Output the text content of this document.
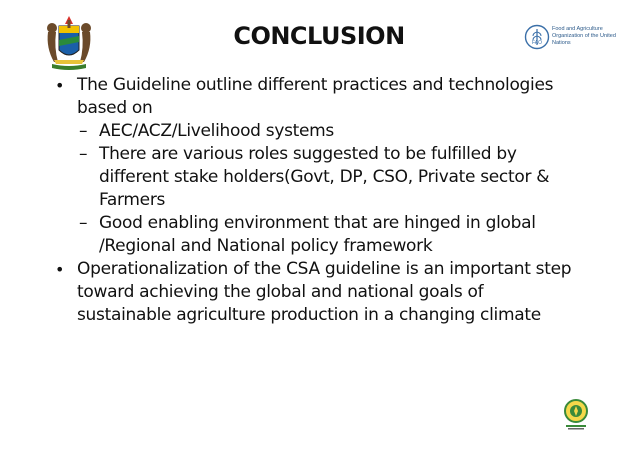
FAO
Food and Agriculture Organization of the United Nations
CONCLUSION
• The Guideline outline different practices and technologies based on
– AEC/ACZ/Livelihood systems
– There are various roles suggested to be fulfilled by different stake holders(Govt, DP, CSO, Private sector & Farmers
– Good enabling environment that are hinged in global /Regional and National policy framework
• Operationalization of the CSA guideline is an important step toward achieving the global and national goals of sustainable agriculture production in a changing climate
